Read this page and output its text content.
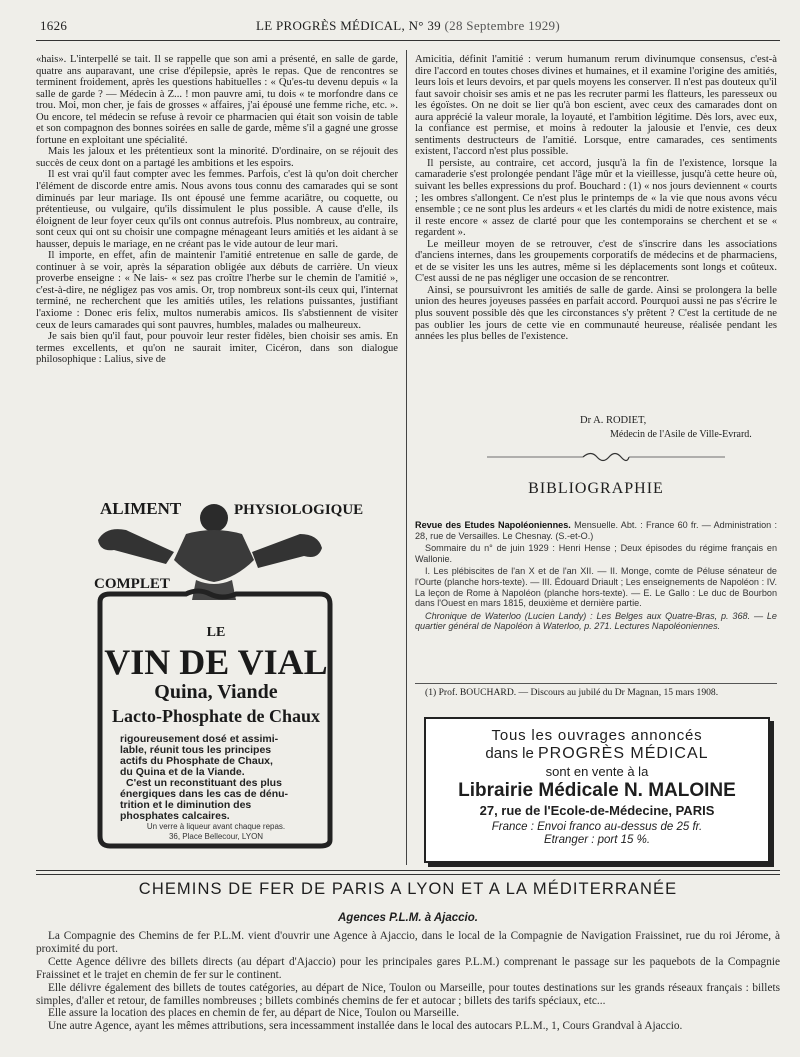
1626	LE PROGRÈS MÉDICAL, N° 39 (28 Septembre 1929)

«hais». L'interpellé se tait. Il se rappelle que son ami a présenté, en salle de garde, quatre ans auparavant, une crise d'épilepsie, après le repas. Que de rencontres se terminent froidement, après les questions habituelles : « Qu'es-tu devenu depuis « la salle de garde ? — Médecin à Z... ! mon pauvre ami, tu dois « te morfondre dans ce trou. Moi, mon cher, je fais de grosses « affaires, j'ai épousé une femme riche, etc. ». Ou encore, tel médecin se refuse à revoir ce pharmacien qui était son voisin de table et son compagnon des bonnes soirées en salle de garde, même s'il a gagné une grosse fortune en exploitant une spécialité.

Mais les jaloux et les prétentieux sont la minorité. D'ordinaire, on se réjouit des succès de ceux dont on a partagé les ambitions et les espoirs.

Il est vrai qu'il faut compter avec les femmes. Parfois, c'est là qu'on doit chercher l'élément de discorde entre amis. Nous avons tous connu des camarades qui se sont diminués par leur mariage. Ils ont épousé une femme acariâtre, ou coquette, ou prétentieuse, ou vulgaire, qu'ils dissimulent le plus possible. A cause d'elle, ils éloignent de leur foyer ceux qu'ils ont connus autrefois. Plus nombreux, au contraire, sont ceux qui ont su choisir une compagne ménageant leurs amitiés et les aidant à se hausser, depuis le mariage, en ne créant pas le vide autour de leur mari.

Il importe, en effet, afin de maintenir l'amitié entretenue en salle de garde, de continuer à se voir, après la séparation obligée aux débuts de carrière. Un vieux proverbe enseigne : « Ne lais- « sez pas croître l'herbe sur le chemin de l'amitié », c'est-à-dire, ne négligez pas vos amis. Or, trop nombreux sont-ils ceux qui, l'internat terminé, ne recherchent que les amitiés utiles, les relations puissantes, justifiant l'axiome : Donec eris felix, multos numerabis amicos. Ils s'abstiennent de visiter ceux de leurs camarades qui sont pauvres, humbles, malades ou malheureux.

Je sais bien qu'il faut, pour pouvoir leur rester fidèles, bien choisir ses amis. En termes excellents, et qu'on ne saurait imiter, Cicéron, dans son dialogue philosophique : Lalius, sive de

Amicitia, définit l'amitié : verum humanum rerum divinumque consensus, c'est-à dire l'accord en toutes choses divines et humaines, et il examine l'origine des amitiés, leurs lois et leurs devoirs, et par quels moyens les conserver. Il n'est pas douteux qu'il faut savoir choisir ses amis et ne pas les recruter parmi les flatteurs, les paresseux ou les égoïstes. On ne doit se lier qu'à bon escient, avec ceux des camarades dont on aura apprécié la valeur morale, la loyauté, et l'ambition légitime. Dès lors, avec eux, la confiance est permise, et moins à redouter la jalousie et l'envie, ces deux sentiments destructeurs de l'amitié. Lorsque, entre camarades, ces sentiments existent, l'accord n'est plus possible.

Il persiste, au contraire, cet accord, jusqu'à la fin de l'existence, lorsque la camaraderie s'est prolongée pendant l'âge mûr et la vieillesse, jusqu'à cette heure où, suivant les belles expressions du prof. Bouchard : (1) « nos jours deviennent « courts ; les ombres s'allongent. Ce n'est plus le printemps de « la vie que nous avons vécu ensemble ; ce ne sont plus les ardeurs « et les clartés du midi de notre existence, mais il reste encore « assez de clarté pour que les contemporains se cherchent et se « regardent ».

Le meilleur moyen de se retrouver, c'est de s'inscrire dans les associations d'anciens internes, dans les groupements corporatifs de médecins et de pharmaciens, et de se visiter les uns les autres, même si les déplacements sont longs et coûteux. C'est aussi de ne pas négliger une occasion de se rencontrer.

Ainsi, se poursuivront les amitiés de salle de garde. Ainsi se prolongera la belle union des heures joyeuses passées en parfait accord. Pourquoi aussi ne pas s'écrire le plus souvent possible dès que les circonstances s'y prêtent ? C'est la certitude de ne pas oublier les jours de cette vie en communauté heureuse, réalisée pendant les années les plus belles de l'existence.

Dr A. RODIET,
Médecin de l'Asile de Ville-Evrard.
BIBLIOGRAPHIE

Revue des Etudes Napoléoniennes. Mensuelle. Abt. : France 60 fr. — Administration : 28, rue de Versailles. Le Chesnay. (S.-et-O.)

Sommaire du n° de juin 1929 : Henri Hense ; Deux épisodes du régime français en Wallonie.

I. Les plébiscites de l'an X et de l'an XII. — II. Monge, comte de Péluse sénateur de l'Ourte (planche hors-texte). — III. Édouard Driault ; Les enseignements de Napoléon : IV. La leçon de Rome à Napoléon (planche hors-texte). — E. Le Gallo : Le duc de Bourbon dans l'Ouest en mars 1815, deuxième et dernière partie.

Chronique de Waterloo (Lucien Landy) : Les Belges aux Quatre-Bras, p. 368. — Le quartier général de Napoléon à Waterloo, p. 271. Lectures Napoléoniennes.

(1) Prof. BOUCHARD. — Discours au jubilé du Dr Magnan, 15 mars 1908.

Tous les ouvrages annoncés
dans le PROGRÈS MÉDICAL
sont en vente à la
Librairie Médicale N. MALOINE
27, rue de l'Ecole-de-Médecine, PARIS
France : Envoi franco au-dessus de 25 fr.
Etranger : port 15 %.
ALIMENT	PHYSIOLOGIQUE
COMPLET
LE
VIN DE VIAL
Quina, Viande
Lacto-Phosphate de Chaux
rigoureusement dosé et assimi-
lable, réunit tous les principes
actifs du Phosphate de Chaux,
du Quina et de la Viande.
C'est un reconstituant des plus
énergiques dans les cas de dénu-
trition et le diminution des
phosphates calcaires.
Un verre à liqueur avant chaque repas.
36, Place Bellecour, LYON
CHEMINS DE FER DE PARIS A LYON ET A LA MÉDITERRANÉE
Agences P.L.M. à Ajaccio.

La Compagnie des Chemins de fer P.L.M. vient d'ouvrir une Agence à Ajaccio, dans le local de la Compagnie de Navigation Fraissinet, rue du roi Jérome, à proximité du port.

Cette Agence délivre des billets directs (au départ d'Ajaccio) pour les principales gares P.L.M.) comprenant le passage sur les paquebots de la Compagnie Fraissinet et le trajet en chemin de fer sur le continent.

Elle délivre également des billets de toutes catégories, au départ de Nice, Toulon ou Marseille, pour toutes destinations sur les grands réseaux français : billets simples, d'aller et retour, de familles nombreuses ; billets combinés chemins de fer et autocar ; billets des tarifs spéciaux, etc...

Elle assure la location des places en chemin de fer, au départ de Nice, Toulon ou Marseille.

Une autre Agence, ayant les mêmes attributions, sera incessamment installée dans le local des autocars P.L.M., 1, Cours Grandval à Ajaccio.
